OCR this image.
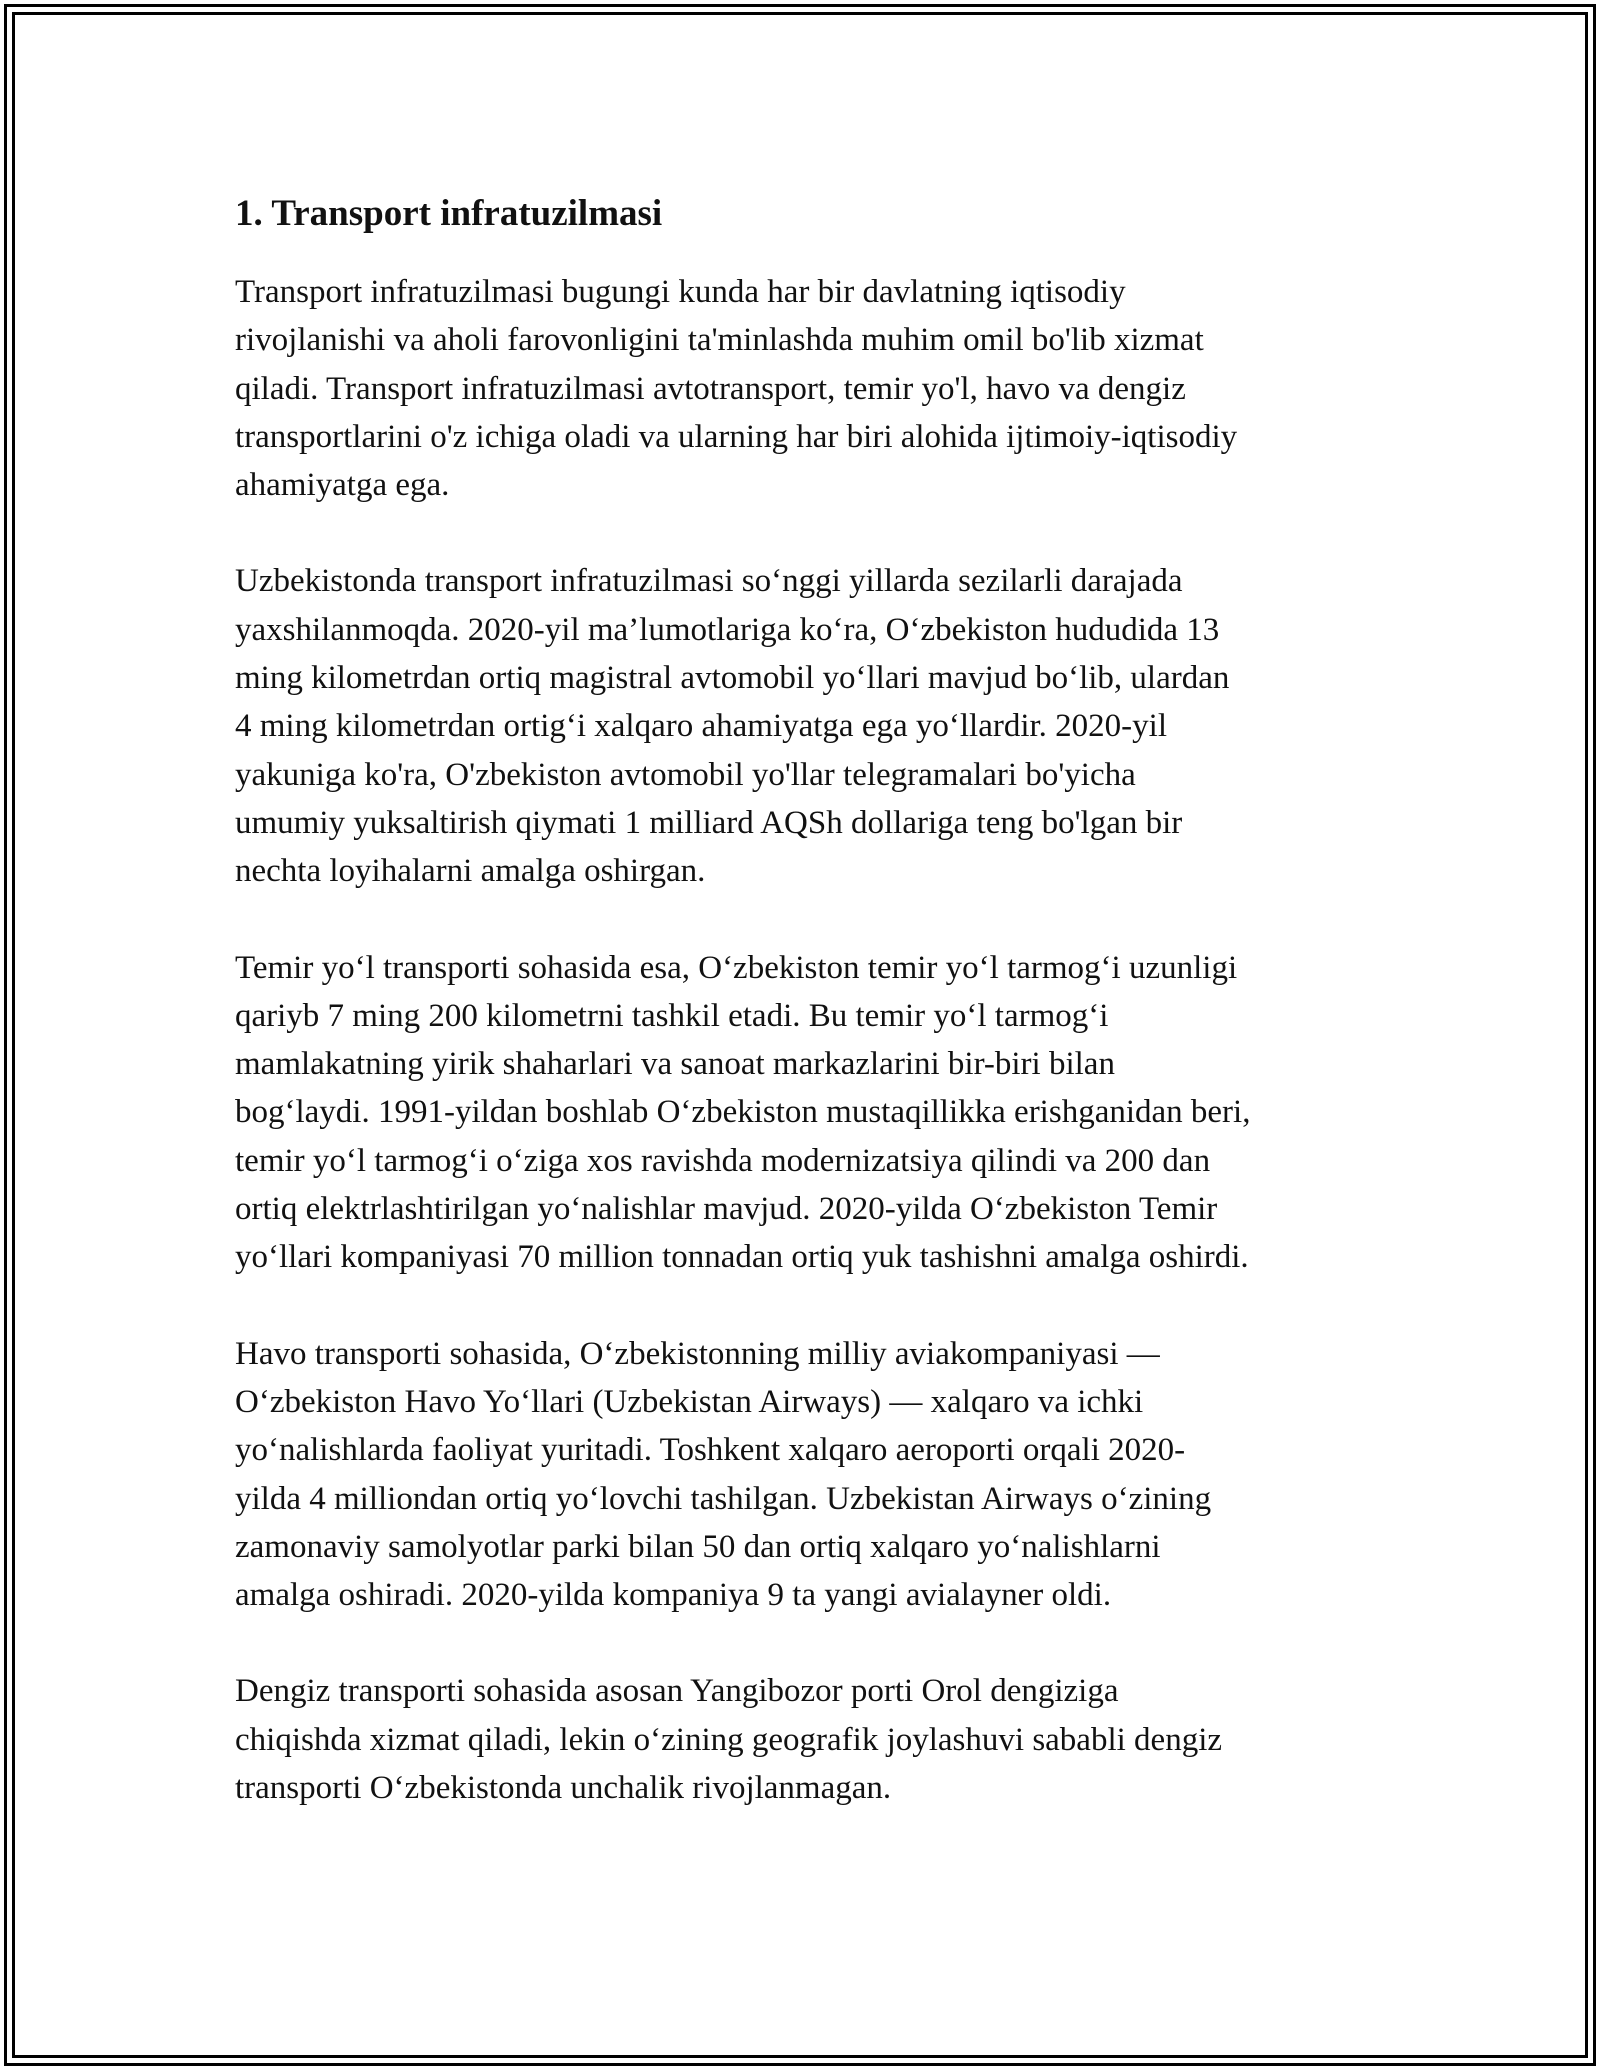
1. Transport infratuzilmasi
Transport infratuzilmasi bugungi kunda har bir davlatning iqtisodiy
rivojlanishi va aholi farovonligini ta'minlashda muhim omil bo'lib xizmat
qiladi. Transport infratuzilmasi avtotransport, temir yo'l, havo va dengiz
transportlarini o'z ichiga oladi va ularning har biri alohida ijtimoiy-iqtisodiy
ahamiyatga ega.
Uzbekistonda transport infratuzilmasi so‘nggi yillarda sezilarli darajada
yaxshilanmoqda. 2020-yil ma’lumotlariga ko‘ra, O‘zbekiston hududida 13
ming kilometrdan ortiq magistral avtomobil yo‘llari mavjud bo‘lib, ulardan
4 ming kilometrdan ortig‘i xalqaro ahamiyatga ega yo‘llardir. 2020-yil
yakuniga ko'ra, O'zbekiston avtomobil yo'llar telegramalari bo'yicha
umumiy yuksaltirish qiymati 1 milliard AQSh dollariga teng bo'lgan bir
nechta loyihalarni amalga oshirgan.
Temir yo‘l transporti sohasida esa, O‘zbekiston temir yo‘l tarmog‘i uzunligi
qariyb 7 ming 200 kilometrni tashkil etadi. Bu temir yo‘l tarmog‘i
mamlakatning yirik shaharlari va sanoat markazlarini bir-biri bilan
bog‘laydi. 1991-yildan boshlab O‘zbekiston mustaqillikka erishganidan beri,
temir yo‘l tarmog‘i o‘ziga xos ravishda modernizatsiya qilindi va 200 dan
ortiq elektrlashtirilgan yo‘nalishlar mavjud. 2020-yilda O‘zbekiston Temir
yo‘llari kompaniyasi 70 million tonnadan ortiq yuk tashishni amalga oshirdi.
Havo transporti sohasida, O‘zbekistonning milliy aviakompaniyasi —
O‘zbekiston Havo Yo‘llari (Uzbekistan Airways) — xalqaro va ichki
yo‘nalishlarda faoliyat yuritadi. Toshkent xalqaro aeroporti orqali 2020-
yilda 4 milliondan ortiq yo‘lovchi tashilgan. Uzbekistan Airways o‘zining
zamonaviy samolyotlar parki bilan 50 dan ortiq xalqaro yo‘nalishlarni
amalga oshiradi. 2020-yilda kompaniya 9 ta yangi avialayner oldi.
Dengiz transporti sohasida asosan Yangibozor porti Orol dengiziga
chiqishda xizmat qiladi, lekin o‘zining geografik joylashuvi sababli dengiz
transporti O‘zbekistonda unchalik rivojlanmagan.
